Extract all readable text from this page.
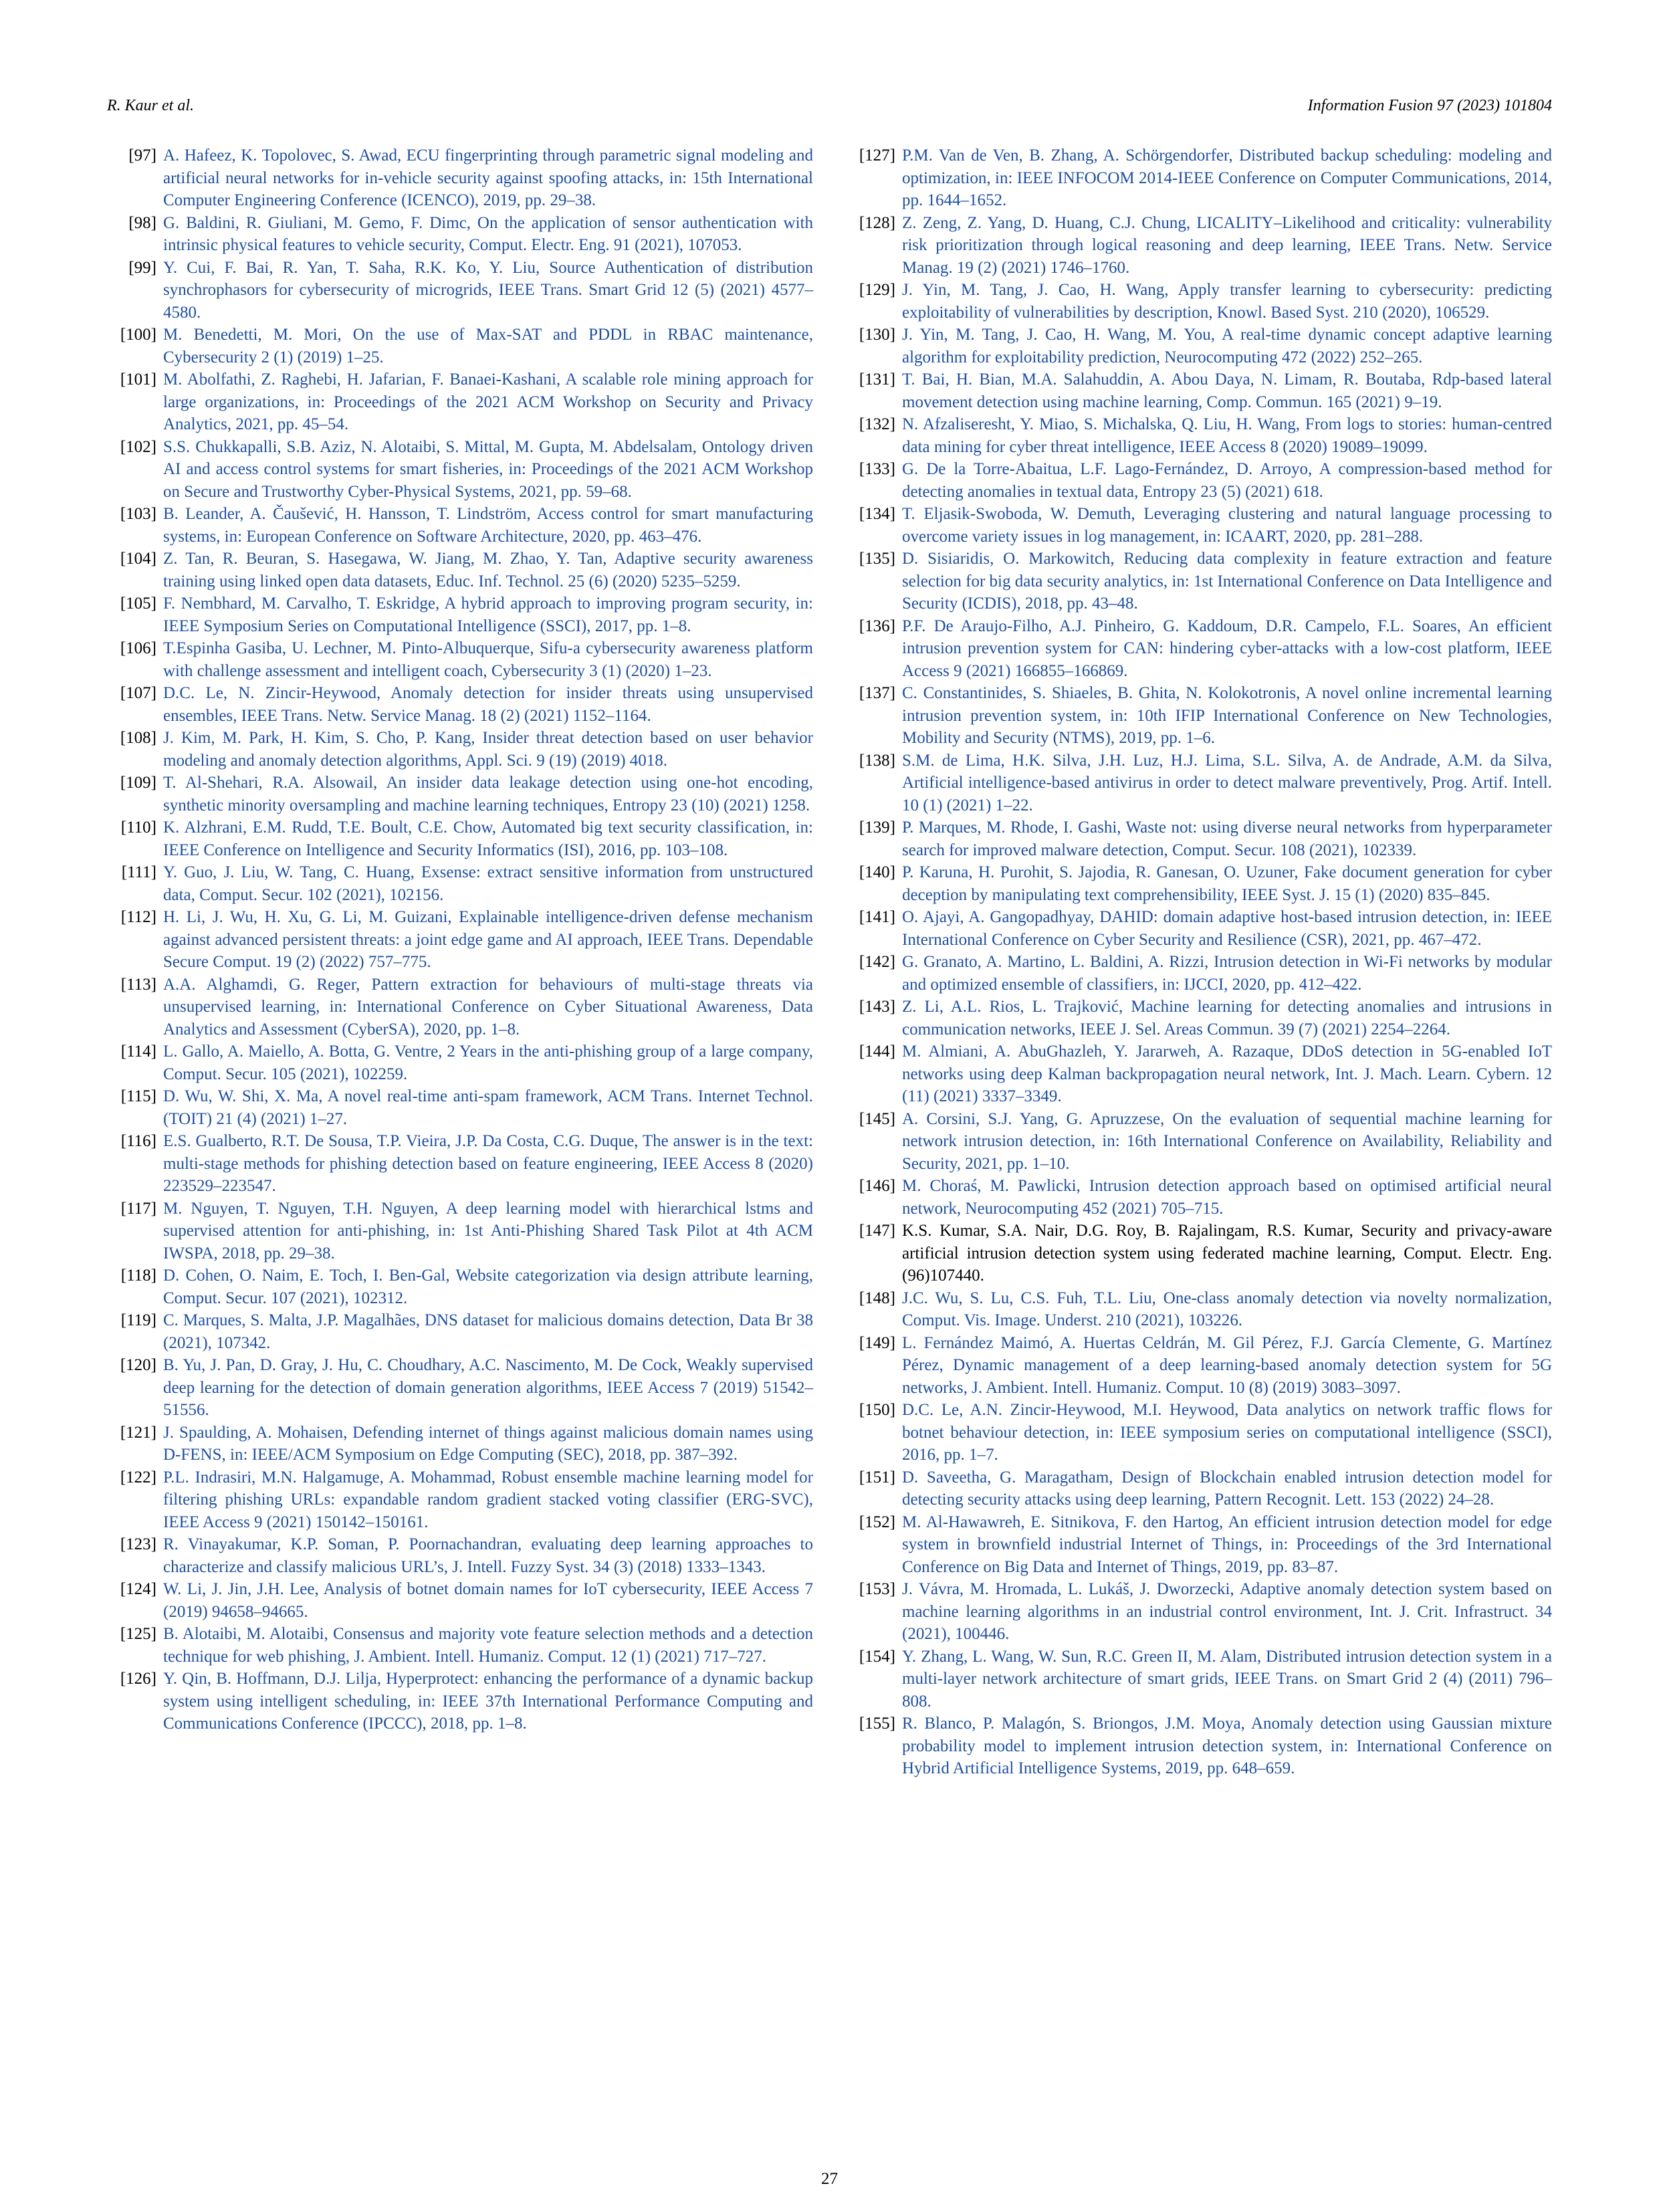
R. Kaur et al.	Information Fusion 97 (2023) 101804
[97] A. Hafeez, K. Topolovec, S. Awad, ECU fingerprinting through parametric signal modeling and artificial neural networks for in-vehicle security against spoofing attacks, in: 15th International Computer Engineering Conference (ICENCO), 2019, pp. 29–38.
[98] G. Baldini, R. Giuliani, M. Gemo, F. Dimc, On the application of sensor authentication with intrinsic physical features to vehicle security, Comput. Electr. Eng. 91 (2021), 107053.
[99] Y. Cui, F. Bai, R. Yan, T. Saha, R.K. Ko, Y. Liu, Source Authentication of distribution synchrophasors for cybersecurity of microgrids, IEEE Trans. Smart Grid 12 (5) (2021) 4577–4580.
[100] M. Benedetti, M. Mori, On the use of Max-SAT and PDDL in RBAC maintenance, Cybersecurity 2 (1) (2019) 1–25.
[101] M. Abolfathi, Z. Raghebi, H. Jafarian, F. Banaei-Kashani, A scalable role mining approach for large organizations, in: Proceedings of the 2021 ACM Workshop on Security and Privacy Analytics, 2021, pp. 45–54.
[102] S.S. Chukkapalli, S.B. Aziz, N. Alotaibi, S. Mittal, M. Gupta, M. Abdelsalam, Ontology driven AI and access control systems for smart fisheries, in: Proceedings of the 2021 ACM Workshop on Secure and Trustworthy Cyber-Physical Systems, 2021, pp. 59–68.
[103] B. Leander, A. Čaušević, H. Hansson, T. Lindström, Access control for smart manufacturing systems, in: European Conference on Software Architecture, 2020, pp. 463–476.
[104] Z. Tan, R. Beuran, S. Hasegawa, W. Jiang, M. Zhao, Y. Tan, Adaptive security awareness training using linked open data datasets, Educ. Inf. Technol. 25 (6) (2020) 5235–5259.
[105] F. Nembhard, M. Carvalho, T. Eskridge, A hybrid approach to improving program security, in: IEEE Symposium Series on Computational Intelligence (SSCI), 2017, pp. 1–8.
[106] T.Espinha Gasiba, U. Lechner, M. Pinto-Albuquerque, Sifu-a cybersecurity awareness platform with challenge assessment and intelligent coach, Cybersecurity 3 (1) (2020) 1–23.
[107] D.C. Le, N. Zincir-Heywood, Anomaly detection for insider threats using unsupervised ensembles, IEEE Trans. Netw. Service Manag. 18 (2) (2021) 1152–1164.
[108] J. Kim, M. Park, H. Kim, S. Cho, P. Kang, Insider threat detection based on user behavior modeling and anomaly detection algorithms, Appl. Sci. 9 (19) (2019) 4018.
[109] T. Al-Shehari, R.A. Alsowail, An insider data leakage detection using one-hot encoding, synthetic minority oversampling and machine learning techniques, Entropy 23 (10) (2021) 1258.
[110] K. Alzhrani, E.M. Rudd, T.E. Boult, C.E. Chow, Automated big text security classification, in: IEEE Conference on Intelligence and Security Informatics (ISI), 2016, pp. 103–108.
[111] Y. Guo, J. Liu, W. Tang, C. Huang, Exsense: extract sensitive information from unstructured data, Comput. Secur. 102 (2021), 102156.
[112] H. Li, J. Wu, H. Xu, G. Li, M. Guizani, Explainable intelligence-driven defense mechanism against advanced persistent threats: a joint edge game and AI approach, IEEE Trans. Dependable Secure Comput. 19 (2) (2022) 757–775.
[113] A.A. Alghamdi, G. Reger, Pattern extraction for behaviours of multi-stage threats via unsupervised learning, in: International Conference on Cyber Situational Awareness, Data Analytics and Assessment (CyberSA), 2020, pp. 1–8.
[114] L. Gallo, A. Maiello, A. Botta, G. Ventre, 2 Years in the anti-phishing group of a large company, Comput. Secur. 105 (2021), 102259.
[115] D. Wu, W. Shi, X. Ma, A novel real-time anti-spam framework, ACM Trans. Internet Technol. (TOIT) 21 (4) (2021) 1–27.
[116] E.S. Gualberto, R.T. De Sousa, T.P. Vieira, J.P. Da Costa, C.G. Duque, The answer is in the text: multi-stage methods for phishing detection based on feature engineering, IEEE Access 8 (2020) 223529–223547.
[117] M. Nguyen, T. Nguyen, T.H. Nguyen, A deep learning model with hierarchical lstms and supervised attention for anti-phishing, in: 1st Anti-Phishing Shared Task Pilot at 4th ACM IWSPA, 2018, pp. 29–38.
[118] D. Cohen, O. Naim, E. Toch, I. Ben-Gal, Website categorization via design attribute learning, Comput. Secur. 107 (2021), 102312.
[119] C. Marques, S. Malta, J.P. Magalhães, DNS dataset for malicious domains detection, Data Br 38 (2021), 107342.
[120] B. Yu, J. Pan, D. Gray, J. Hu, C. Choudhary, A.C. Nascimento, M. De Cock, Weakly supervised deep learning for the detection of domain generation algorithms, IEEE Access 7 (2019) 51542–51556.
[121] J. Spaulding, A. Mohaisen, Defending internet of things against malicious domain names using D-FENS, in: IEEE/ACM Symposium on Edge Computing (SEC), 2018, pp. 387–392.
[122] P.L. Indrasiri, M.N. Halgamuge, A. Mohammad, Robust ensemble machine learning model for filtering phishing URLs: expandable random gradient stacked voting classifier (ERG-SVC), IEEE Access 9 (2021) 150142–150161.
[123] R. Vinayakumar, K.P. Soman, P. Poornachandran, evaluating deep learning approaches to characterize and classify malicious URL’s, J. Intell. Fuzzy Syst. 34 (3) (2018) 1333–1343.
[124] W. Li, J. Jin, J.H. Lee, Analysis of botnet domain names for IoT cybersecurity, IEEE Access 7 (2019) 94658–94665.
[125] B. Alotaibi, M. Alotaibi, Consensus and majority vote feature selection methods and a detection technique for web phishing, J. Ambient. Intell. Humaniz. Comput. 12 (1) (2021) 717–727.
[126] Y. Qin, B. Hoffmann, D.J. Lilja, Hyperprotect: enhancing the performance of a dynamic backup system using intelligent scheduling, in: IEEE 37th International Performance Computing and Communications Conference (IPCCC), 2018, pp. 1–8.
[127] P.M. Van de Ven, B. Zhang, A. Schörgendorfer, Distributed backup scheduling: modeling and optimization, in: IEEE INFOCOM 2014-IEEE Conference on Computer Communications, 2014, pp. 1644–1652.
[128] Z. Zeng, Z. Yang, D. Huang, C.J. Chung, LICALITY–Likelihood and criticality: vulnerability risk prioritization through logical reasoning and deep learning, IEEE Trans. Netw. Service Manag. 19 (2) (2021) 1746–1760.
[129] J. Yin, M. Tang, J. Cao, H. Wang, Apply transfer learning to cybersecurity: predicting exploitability of vulnerabilities by description, Knowl. Based Syst. 210 (2020), 106529.
[130] J. Yin, M. Tang, J. Cao, H. Wang, M. You, A real-time dynamic concept adaptive learning algorithm for exploitability prediction, Neurocomputing 472 (2022) 252–265.
[131] T. Bai, H. Bian, M.A. Salahuddin, A. Abou Daya, N. Limam, R. Boutaba, Rdp-based lateral movement detection using machine learning, Comp. Commun. 165 (2021) 9–19.
[132] N. Afzaliseresht, Y. Miao, S. Michalska, Q. Liu, H. Wang, From logs to stories: human-centred data mining for cyber threat intelligence, IEEE Access 8 (2020) 19089–19099.
[133] G. De la Torre-Abaitua, L.F. Lago-Fernández, D. Arroyo, A compression-based method for detecting anomalies in textual data, Entropy 23 (5) (2021) 618.
[134] T. Eljasik-Swoboda, W. Demuth, Leveraging clustering and natural language processing to overcome variety issues in log management, in: ICAART, 2020, pp. 281–288.
[135] D. Sisiaridis, O. Markowitch, Reducing data complexity in feature extraction and feature selection for big data security analytics, in: 1st International Conference on Data Intelligence and Security (ICDIS), 2018, pp. 43–48.
[136] P.F. De Araujo-Filho, A.J. Pinheiro, G. Kaddoum, D.R. Campelo, F.L. Soares, An efficient intrusion prevention system for CAN: hindering cyber-attacks with a low-cost platform, IEEE Access 9 (2021) 166855–166869.
[137] C. Constantinides, S. Shiaeles, B. Ghita, N. Kolokotronis, A novel online incremental learning intrusion prevention system, in: 10th IFIP International Conference on New Technologies, Mobility and Security (NTMS), 2019, pp. 1–6.
[138] S.M. de Lima, H.K. Silva, J.H. Luz, H.J. Lima, S.L. Silva, A. de Andrade, A.M. da Silva, Artificial intelligence-based antivirus in order to detect malware preventively, Prog. Artif. Intell. 10 (1) (2021) 1–22.
[139] P. Marques, M. Rhode, I. Gashi, Waste not: using diverse neural networks from hyperparameter search for improved malware detection, Comput. Secur. 108 (2021), 102339.
[140] P. Karuna, H. Purohit, S. Jajodia, R. Ganesan, O. Uzuner, Fake document generation for cyber deception by manipulating text comprehensibility, IEEE Syst. J. 15 (1) (2020) 835–845.
[141] O. Ajayi, A. Gangopadhyay, DAHID: domain adaptive host-based intrusion detection, in: IEEE International Conference on Cyber Security and Resilience (CSR), 2021, pp. 467–472.
[142] G. Granato, A. Martino, L. Baldini, A. Rizzi, Intrusion detection in Wi-Fi networks by modular and optimized ensemble of classifiers, in: IJCCI, 2020, pp. 412–422.
[143] Z. Li, A.L. Rios, L. Trajković, Machine learning for detecting anomalies and intrusions in communication networks, IEEE J. Sel. Areas Commun. 39 (7) (2021) 2254–2264.
[144] M. Almiani, A. AbuGhazleh, Y. Jararweh, A. Razaque, DDoS detection in 5G-enabled IoT networks using deep Kalman backpropagation neural network, Int. J. Mach. Learn. Cybern. 12 (11) (2021) 3337–3349.
[145] A. Corsini, S.J. Yang, G. Apruzzese, On the evaluation of sequential machine learning for network intrusion detection, in: 16th International Conference on Availability, Reliability and Security, 2021, pp. 1–10.
[146] M. Choraś, M. Pawlicki, Intrusion detection approach based on optimised artificial neural network, Neurocomputing 452 (2021) 705–715.
[147] K.S. Kumar, S.A. Nair, D.G. Roy, B. Rajalingam, R.S. Kumar, Security and privacy-aware artificial intrusion detection system using federated machine learning, Comput. Electr. Eng. (96)107440.
[148] J.C. Wu, S. Lu, C.S. Fuh, T.L. Liu, One-class anomaly detection via novelty normalization, Comput. Vis. Image. Underst. 210 (2021), 103226.
[149] L. Fernández Maimó, A. Huertas Celdrán, M. Gil Pérez, F.J. García Clemente, G. Martínez Pérez, Dynamic management of a deep learning-based anomaly detection system for 5G networks, J. Ambient. Intell. Humaniz. Comput. 10 (8) (2019) 3083–3097.
[150] D.C. Le, A.N. Zincir-Heywood, M.I. Heywood, Data analytics on network traffic flows for botnet behaviour detection, in: IEEE symposium series on computational intelligence (SSCI), 2016, pp. 1–7.
[151] D. Saveetha, G. Maragatham, Design of Blockchain enabled intrusion detection model for detecting security attacks using deep learning, Pattern Recognit. Lett. 153 (2022) 24–28.
[152] M. Al-Hawawreh, E. Sitnikova, F. den Hartog, An efficient intrusion detection model for edge system in brownfield industrial Internet of Things, in: Proceedings of the 3rd International Conference on Big Data and Internet of Things, 2019, pp. 83–87.
[153] J. Vávra, M. Hromada, L. Lukáš, J. Dworzecki, Adaptive anomaly detection system based on machine learning algorithms in an industrial control environment, Int. J. Crit. Infrastruct. 34 (2021), 100446.
[154] Y. Zhang, L. Wang, W. Sun, R.C. Green II, M. Alam, Distributed intrusion detection system in a multi-layer network architecture of smart grids, IEEE Trans. on Smart Grid 2 (4) (2011) 796–808.
[155] R. Blanco, P. Malagón, S. Briongos, J.M. Moya, Anomaly detection using Gaussian mixture probability model to implement intrusion detection system, in: International Conference on Hybrid Artificial Intelligence Systems, 2019, pp. 648–659.
27
